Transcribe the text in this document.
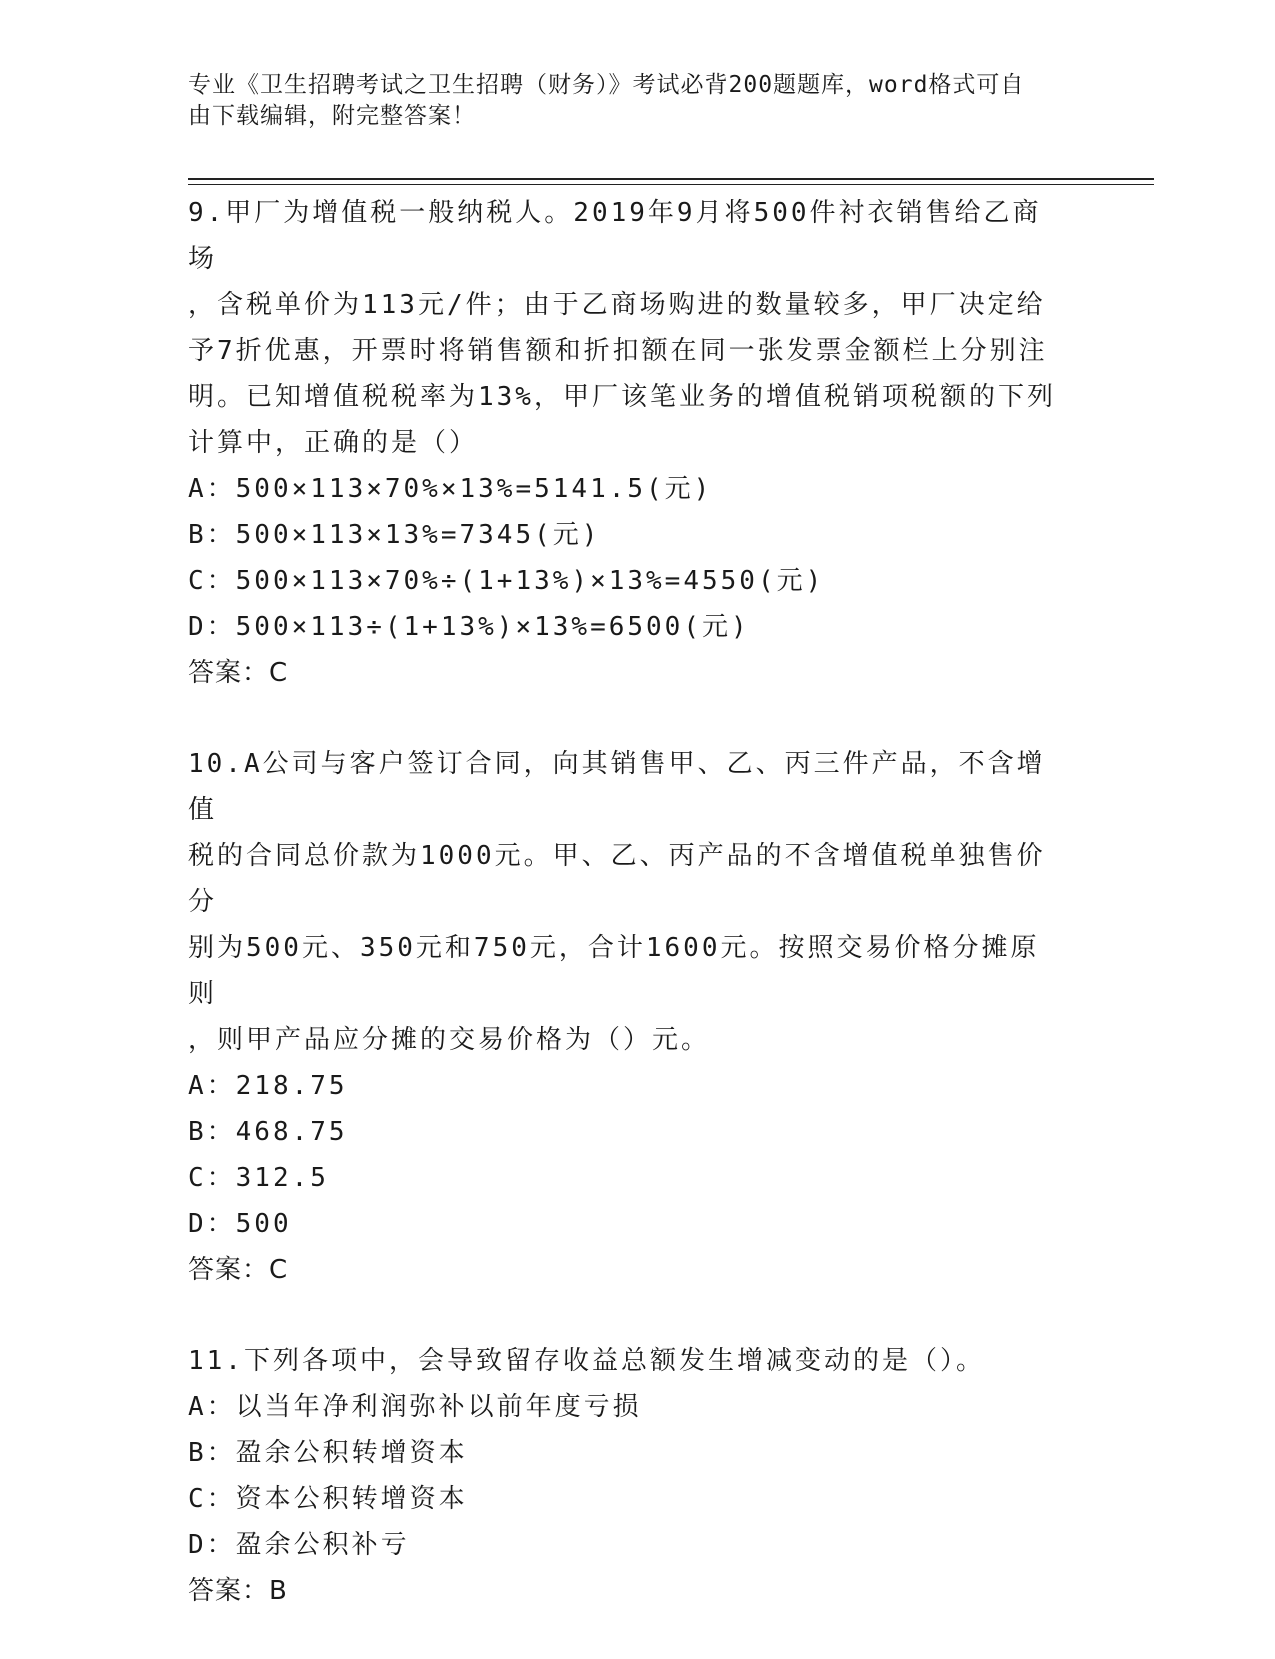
专业《卫生招聘考试之卫生招聘（财务）》考试必背200题题库，word格式可自
由下载编辑，附完整答案！
9.甲厂为增值税一般纳税人。2019年9月将500件衬衣销售给乙商场
，含税单价为113元/件；由于乙商场购进的数量较多，甲厂决定给
予7折优惠，开票时将销售额和折扣额在同一张发票金额栏上分别注
明。已知增值税税率为13%，甲厂该笔业务的增值税销项税额的下列
计算中，正确的是（）
A：500×113×70%×13%=5141.5(元)
B：500×113×13%=7345(元)
C：500×113×70%÷(1+13%)×13%=4550(元)
D：500×113÷(1+13%)×13%=6500(元)
答案：C
10.A公司与客户签订合同，向其销售甲、乙、丙三件产品，不含增值
税的合同总价款为1000元。甲、乙、丙产品的不含增值税单独售价分
别为500元、350元和750元，合计1600元。按照交易价格分摊原则
，则甲产品应分摊的交易价格为（）元。
A：218.75
B：468.75
C：312.5
D：500
答案：C
11.下列各项中，会导致留存收益总额发生增减变动的是（）。
A：以当年净利润弥补以前年度亏损
B：盈余公积转增资本
C：资本公积转增资本
D：盈余公积补亏
答案：B
